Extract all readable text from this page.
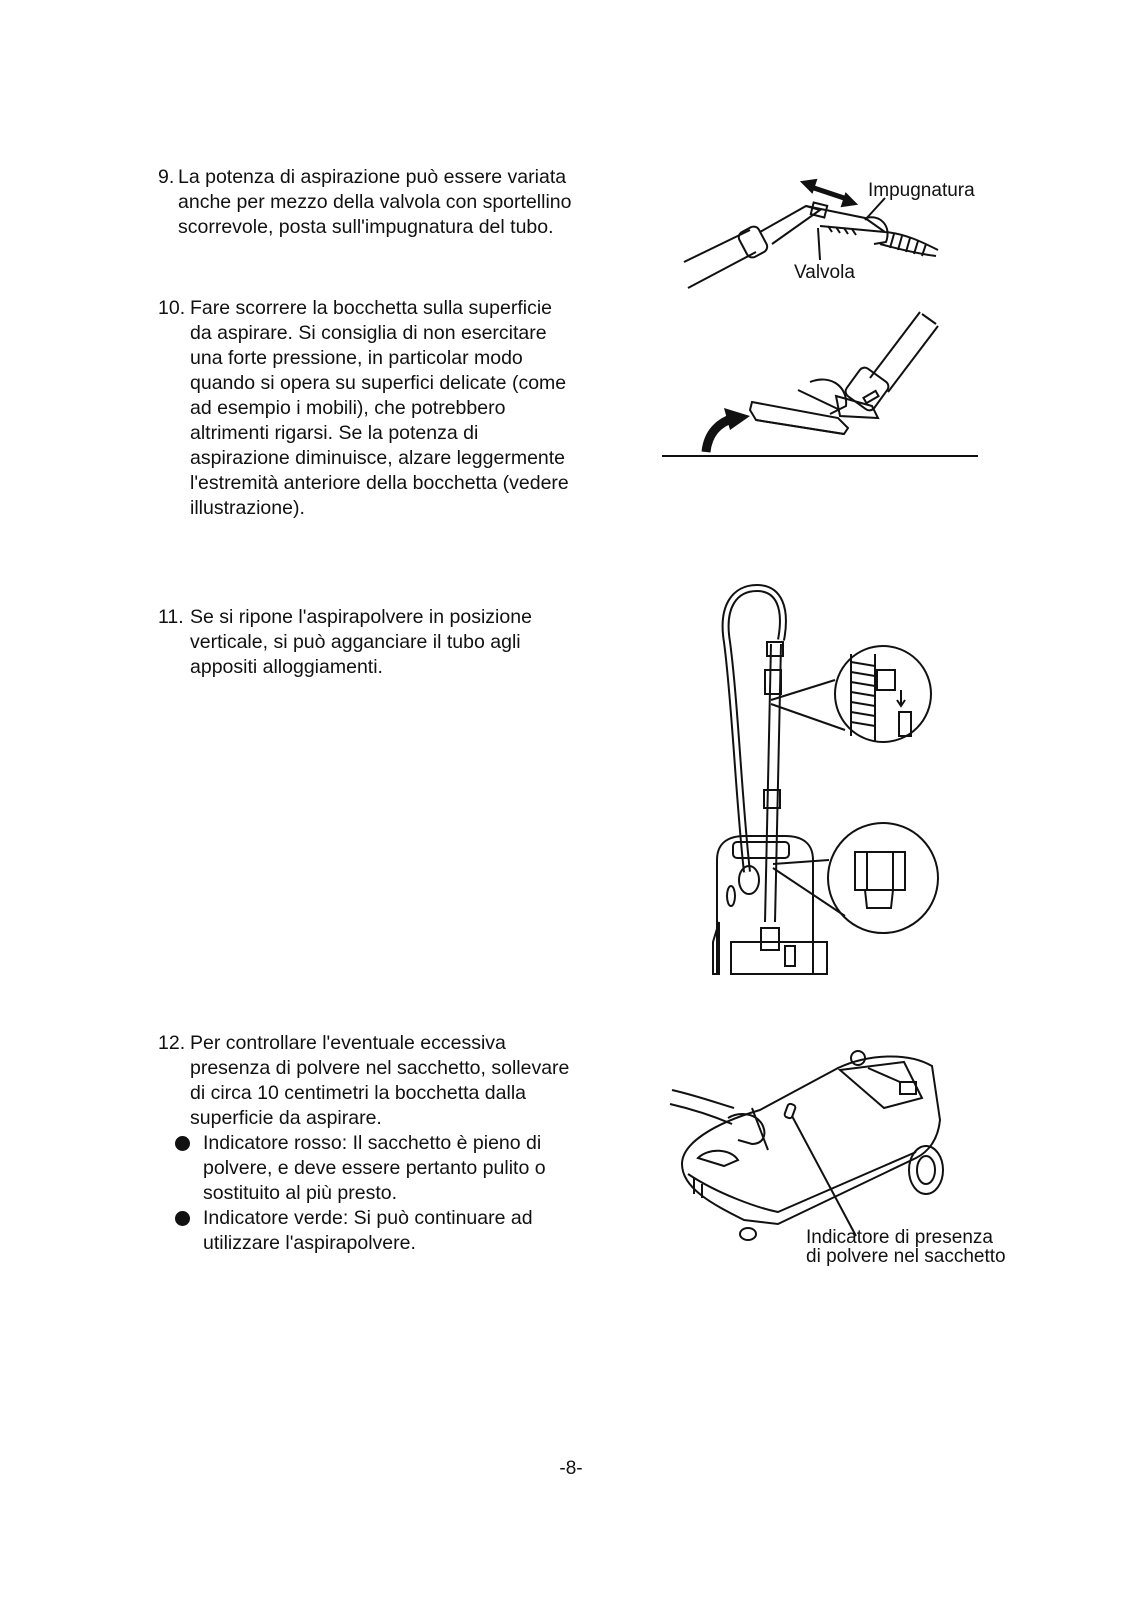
9. La potenza di aspirazione può essere variata
anche per mezzo della valvola con sportellino
scorrevole, posta sull'impugnatura del tubo.
10. Fare scorrere la bocchetta sulla superficie
da aspirare. Si consiglia di non esercitare
una forte pressione, in particolar modo
quando si opera su superfici delicate (come
ad esempio i mobili), che potrebbero
altrimenti rigarsi. Se la potenza di
aspirazione diminuisce, alzare leggermente
l'estremità anteriore della bocchetta (vedere
illustrazione).
11. Se si ripone l'aspirapolvere in posizione
verticale, si può agganciare il tubo agli
appositi alloggiamenti.
12. Per controllare l'eventuale eccessiva
presenza di polvere nel sacchetto, sollevare
di circa 10 centimetri la bocchetta dalla
superficie da aspirare.
Indicatore rosso: Il sacchetto è pieno di
polvere, e deve essere pertanto pulito o
sostituito al più presto.
Indicatore verde: Si può continuare ad
utilizzare l'aspirapolvere.
Impugnatura
Valvola
Indicatore di presenza
di polvere nel sacchetto
-8-
